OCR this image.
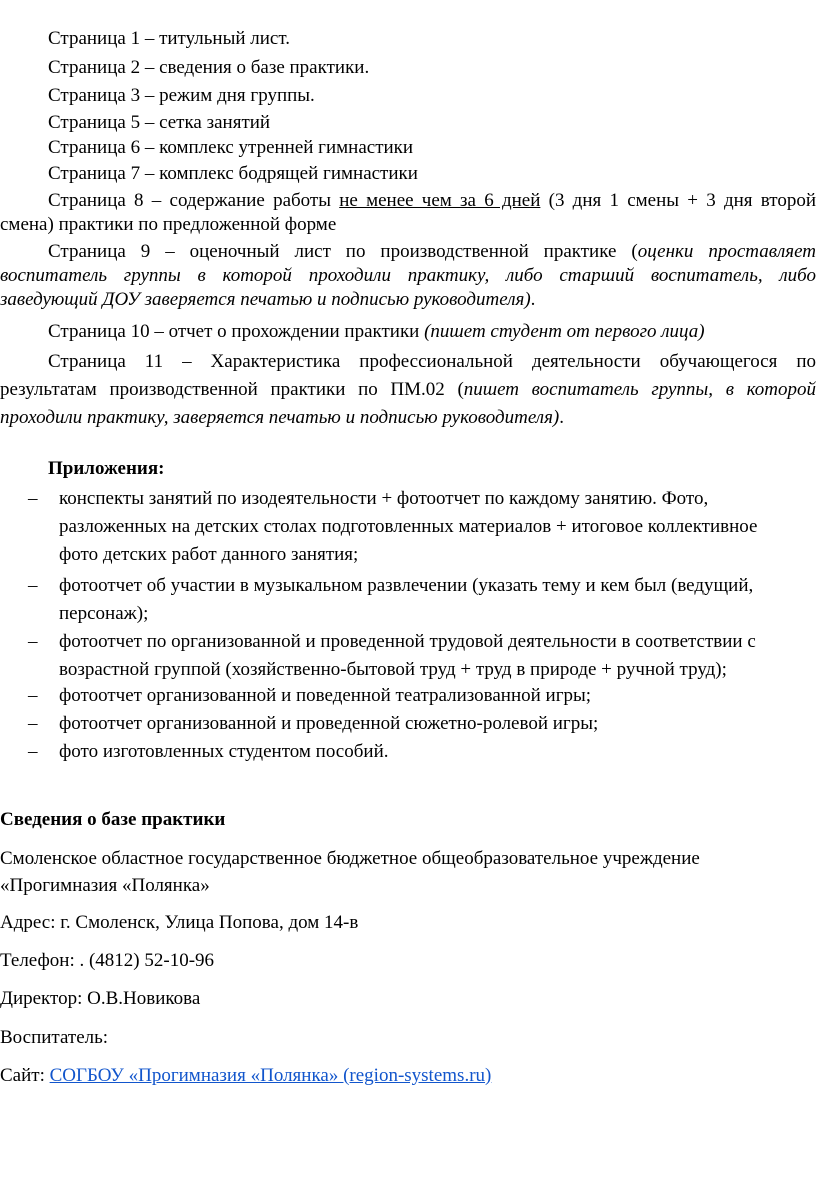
Страница 1 – титульный лист.
Страница 2 – сведения о базе практики.
Страница 3 – режим дня группы.
Страница 5 – сетка занятий
Страница 6 – комплекс утренней гимнастики
Страница 7 – комплекс бодрящей гимнастики
Страница 8 – содержание работы не менее чем за 6 дней (3 дня 1 смены + 3 дня второй
смена) практики по предложенной форме
Страница 9 – оценочный лист по производственной практике (оценки проставляет
воспитатель группы в которой проходили практику, либо старший воспитатель, либо
заведующий ДОУ заверяется печатью и подписью руководителя).
Страница 10 – отчет о прохождении практики (пишет студент от первого лица)
Страница 11 – Характеристика профессиональной деятельности обучающегося по
результатам производственной практики по ПМ.02 (пишет воспитатель группы, в которой
проходили практику, заверяется печатью и подписью руководителя).
Приложения:
– конспекты занятий по изодеятельности + фотоотчет по каждому занятию. Фото,
разложенных на детских столах подготовленных материалов + итоговое коллективное
фото детских работ данного занятия;
– фотоотчет об участии в музыкальном развлечении (указать тему и кем был (ведущий,
персонаж);
– фотоотчет по организованной и проведенной трудовой деятельности в соответствии с
возрастной группой (хозяйственно-бытовой труд + труд в природе + ручной труд);
– фотоотчет организованной и поведенной театрализованной игры;
– фотоотчет организованной и проведенной сюжетно-ролевой игры;
– фото изготовленных студентом пособий.
Сведения о базе практики
Смоленское областное государственное бюджетное общеобразовательное учреждение
«Прогимназия «Полянка»
Адрес: г. Смоленск, Улица Попова, дом 14-в
Телефон: . (4812) 52-10-96
Директор: О.В.Новикова
Воспитатель:
Сайт: СОГБОУ «Прогимназия «Полянка» (region-systems.ru)
